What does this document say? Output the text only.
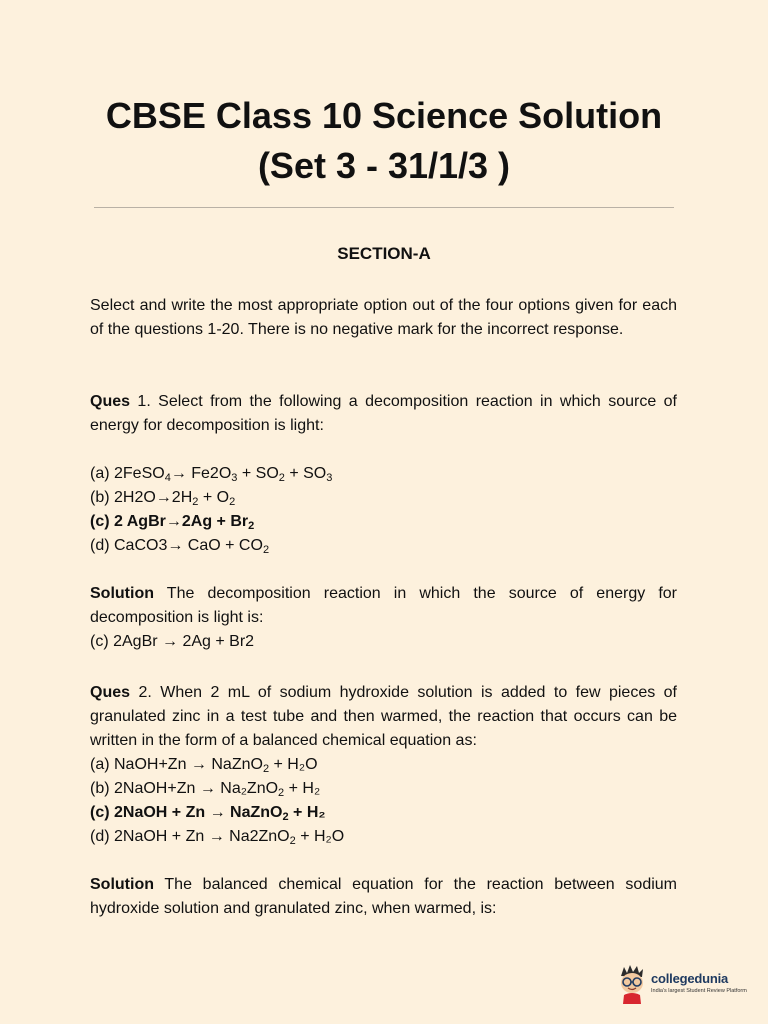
CBSE Class 10 Science Solution
(Set 3 - 31/1/3 )
SECTION-A

Select and write the most appropriate option out of the four options given for each of the questions 1-20. There is no negative mark for the incorrect response.

Ques 1. Select from the following a decomposition reaction in which source of energy for decomposition is light:

(a) 2FeSO$_4$→ $Fe2O_3 + SO_2 + SO_3$

(b) $2H2O\to 2H_2 + O_2$

(c) 2 AgBr→2Ag + $Br_2$

(d) CaCO3→ CaO + $CO_2$

Solution The decomposition reaction in which the source of energy for decomposition is light is:

(c) 2AgBr → 2Ag + Br2

Ques 2. When 2 mL of sodium hydroxide solution is added to few pieces of granulated zinc in a test tube and then warmed, the reaction that occurs can be written in the form of a balanced chemical equation as:

(a) NaOH+Zn → NaZnO$_2$ + H₂O

(b) 2NaOH+Zn → Na₂ZnO$_2$ + H₂

(c) 2NaOH + Zn → NaZnO$_2$ + H₂

(d) 2NaOH + Zn → Na2ZnO$_2$ + H₂O

Solution The balanced chemical equation for the reaction between sodium hydroxide solution and granulated zinc, when warmed, is:

collegedunia
India's largest Student Review Platform
